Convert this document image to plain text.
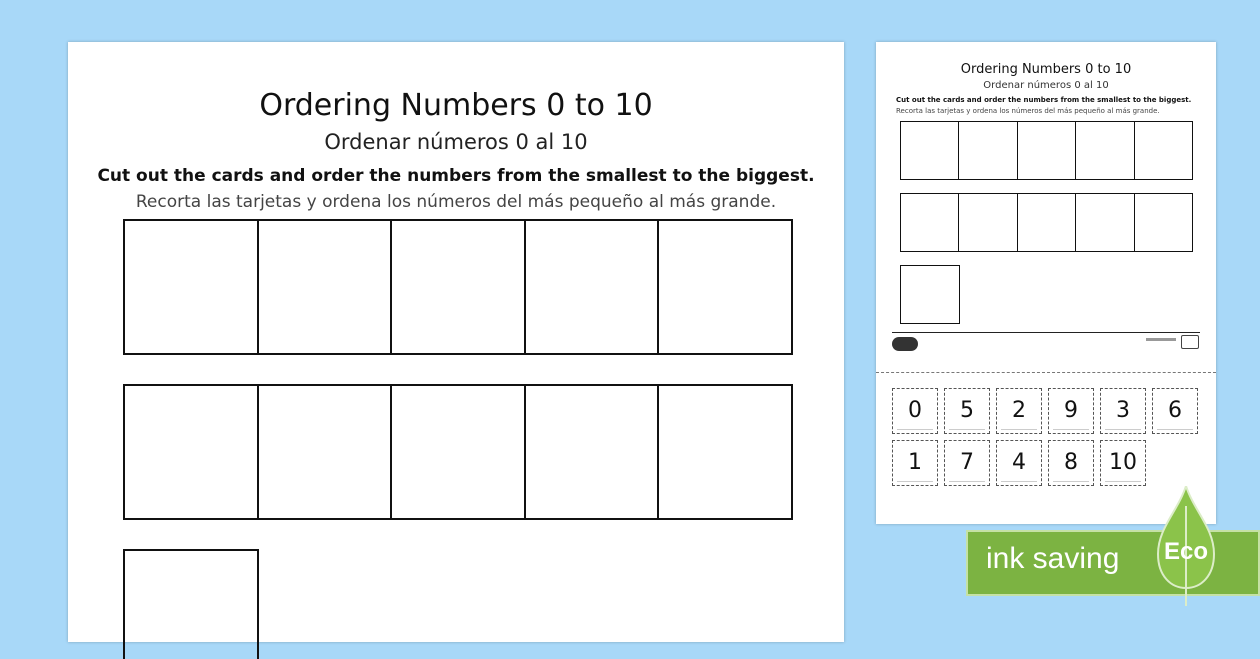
Ordering Numbers 0 to 10
Ordenar números 0 al 10
Cut out the cards and order the numbers from the smallest to the biggest.
Recorta las tarjetas y ordena los números del más pequeño al más grande.
Ordering Numbers 0 to 10
Ordenar números 0 al 10
Cut out the cards and order the numbers from the smallest to the biggest.
Recorta las tarjetas y ordena los números del más pequeño al más grande.
0	5	2	9	3	6
1	7	4	8	10
ink saving	Eco
